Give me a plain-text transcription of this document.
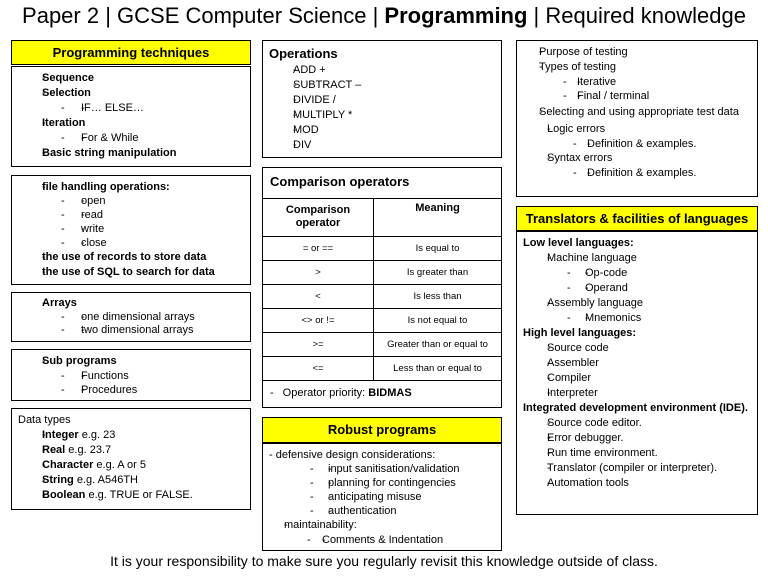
Paper 2 | GCSE Computer Science | Programming | Required knowledge
Programming techniques
- Sequence
- Selection
- - IF… ELSE…
- Iteration
- - For & While
- Basic string manipulation
- file handling operations:
- - open
- - read
- - write
- - close
- the use of records to store data
- the use of SQL to search for data
- Arrays
- - one dimensional arrays
- - two dimensional arrays
- Sub programs
- - Functions
- - Procedures
Data types
- Integer e.g. 23
- Real e.g. 23.7
- Character e.g. A or 5
- String e.g. A546TH
- Boolean e.g. TRUE or FALSE.
Operations
- ADD +
- SUBTRACT –
- DIVIDE /
- MULTIPLY *
- MOD
- DIV
Comparison operators
Comparison operator	Meaning
= or ==	Is equal to
>	Is greater than
<	Is less than
<> or !=	Is not equal to
>=	Greater than or equal to
<=	Less than or equal to
- Operator priority: BIDMAS
Robust programs
- defensive design considerations:
- - input sanitisation/validation
- - planning for contingencies
- - anticipating misuse
- - authentication
- maintainability:
- - Comments & Indentation
- Purpose of testing
- Types of testing
- - Iterative
- - Final / terminal
- Selecting and using appropriate test data
- Logic errors
- - Definition & examples.
- Syntax errors
- - Definition & examples.
Translators & facilities of languages
Low level languages:
- Machine language
- - Op-code
- - Operand
- Assembly language
- - Mnemonics
High level languages:
- Source code
- Assembler
- Compiler
- Interpreter
Integrated development environment (IDE).
- Source code editor.
- Error debugger.
- Run time environment.
- Translator (compiler or interpreter).
- Automation tools
It is your responsibility to make sure you regularly revisit this knowledge outside of class.
